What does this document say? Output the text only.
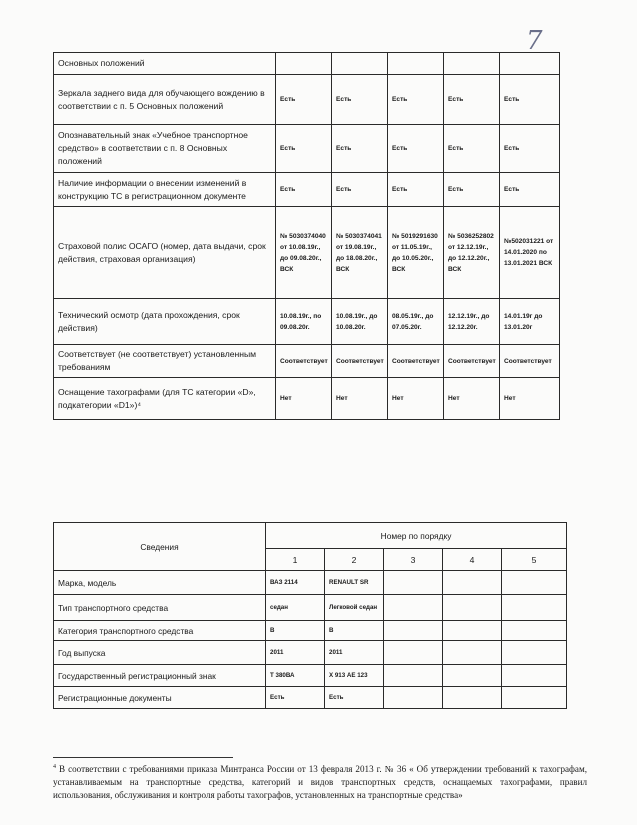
7
Основных положений					
Зеркала заднего вида для обучающего вождению в соответствии с п. 5 Основных положений	Есть	Есть	Есть	Есть	Есть
Опознавательный знак «Учебное транспортное средство» в соответствии с п. 8 Основных положений	Есть	Есть	Есть	Есть	Есть
Наличие информации о внесении изменений в конструкцию ТС в регистрационном документе	Есть	Есть	Есть	Есть	Есть
Страховой полис ОСАГО (номер, дата выдачи, срок действия, страховая организация)	№ 5030374040 от 10.08.19г., до 09.08.20г., ВСК	№ 5030374041 от 19.08.19г., до 18.08.20г., ВСК	№ 5019291630 от 11.05.19г., до 10.05.20г., ВСК	№ 5036252802 от 12.12.19г., до 12.12.20г., ВСК	№502031221 от 14.01.2020 по 13.01.2021 ВСК
Технический осмотр (дата прохождения, срок действия)	10.08.19г., по 09.08.20г.	10.08.19г., до 10.08.20г.	08.05.19г., до 07.05.20г.	12.12.19г., до 12.12.20г.	14.01.19г до 13.01.20г
Соответствует (не соответствует) установленным требованиям	Соответствует	Соответствует	Соответствует	Соответствует	Соответствует
Оснащение тахографами (для ТС категории «D», подкатегории «D1»)⁴	Нет	Нет	Нет	Нет	Нет
Сведения	Номер по порядку				
	1	2	3	4	5
Марка, модель	ВАЗ 2114	RENAULT SR			
Тип транспортного средства	седан	Легковой седан			
Категория транспортного средства	В	В			
Год выпуска	2011	2011			
Государственный регистрационный знак	Т 380ВА	Х 913 АЕ 123			
Регистрационные документы	Есть	Есть			
$^4$ В соответствии с требованиями приказа Минтранса России от 13 февраля 2013 г. № 36 « Об утверждении требований к тахографам, устанавливаемым на транспортные средства, категорий и видов транспортных средств, оснащаемых тахографами, правил использования, обслуживания и контроля работы тахографов, установленных на транспортные средства»
